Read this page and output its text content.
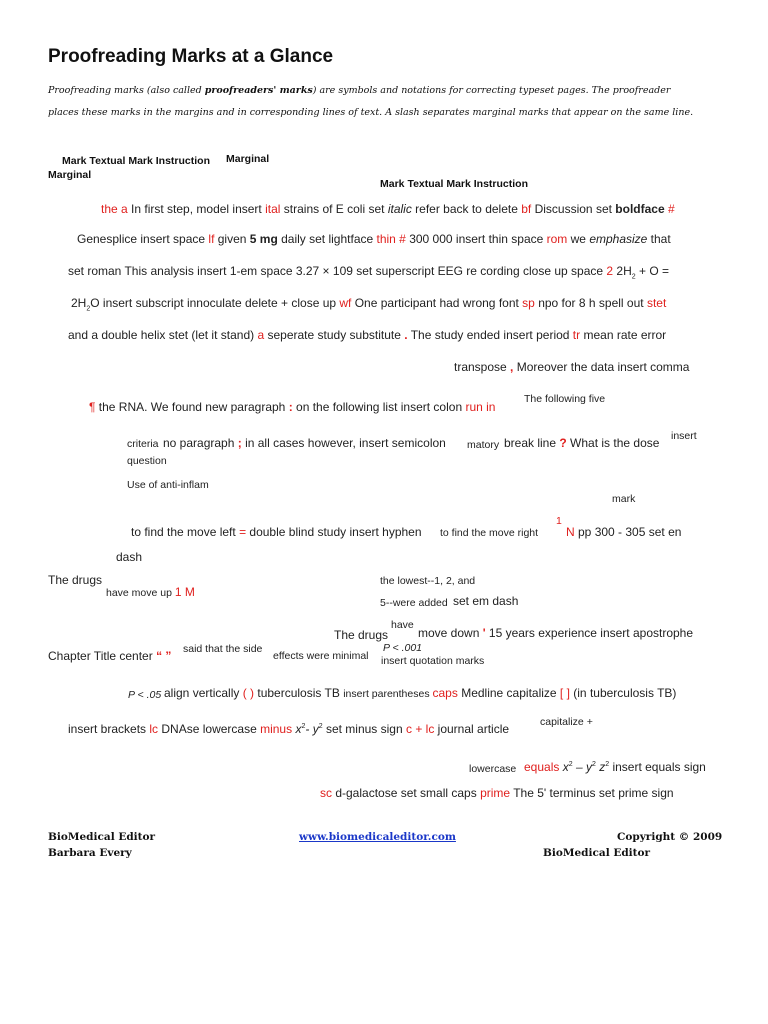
Proofreading Marks at a Glance
Proofreading marks (also called proofreaders' marks) are symbols and notations for correcting typeset pages. The proofreader
places these marks in the margins and in corresponding lines of text. A slash separates marginal marks that appear on the same line.
Mark Textual Mark Instruction Marginal
Marginal
Mark Textual Mark Instruction
the a In first step, model insert ital strains of E coli set italic refer back to delete bf Discussion set boldface #
Genesplice insert space lf given 5 mg daily set lightface thin # 300 000 insert thin space rom we emphasize that
set roman This analysis insert 1-em space 3.27 × 109 set superscript EEG re cording close up space 2 $2H_2 + O$ =
$2H_2O$ insert subscript innoculate delete + close up wf One participant had wrong font sp npo for 8 h spell out stet
and a double helix stet (let it stand) a seperate study substitute . The study ended insert period tr mean rate error
transpose , Moreover the data insert comma
¶ the RNA. We found new paragraph : on the following list insert colon run in
The following five
criteria no paragraph ; in all cases however, insert semicolon matory break line ? What is the dose insert
question
Use of anti-inflam
mark
to find the move left = double blind study insert hyphen to find the move right
1
N pp 300 - 305 set en
dash
The drugs
have move up 1 M
the lowest--1, 2, and
5--were added set em dash
have
The drugs move down ' 15 years experience insert apostrophe
Chapter Title center “ ” said that the side
effects were minimal
P < .001
insert quotation marks
P < .05 align vertically ( ) tuberculosis TB insert parentheses caps Medline capitalize [ ] (in tuberculosis TB)
insert brackets lc DNAse lowercase minus $x^2-$ $y^2$ set minus sign c + lc journal article	capitalize +
lowercase equals $x^2 - y^2$ $z^2$ insert equals sign
sc d-galactose set small caps prime The 5' terminus set prime sign
BioMedical Editor
Barbara Every
www.biomedicaleditor.com	Copyright © 2009
BioMedical Editor
